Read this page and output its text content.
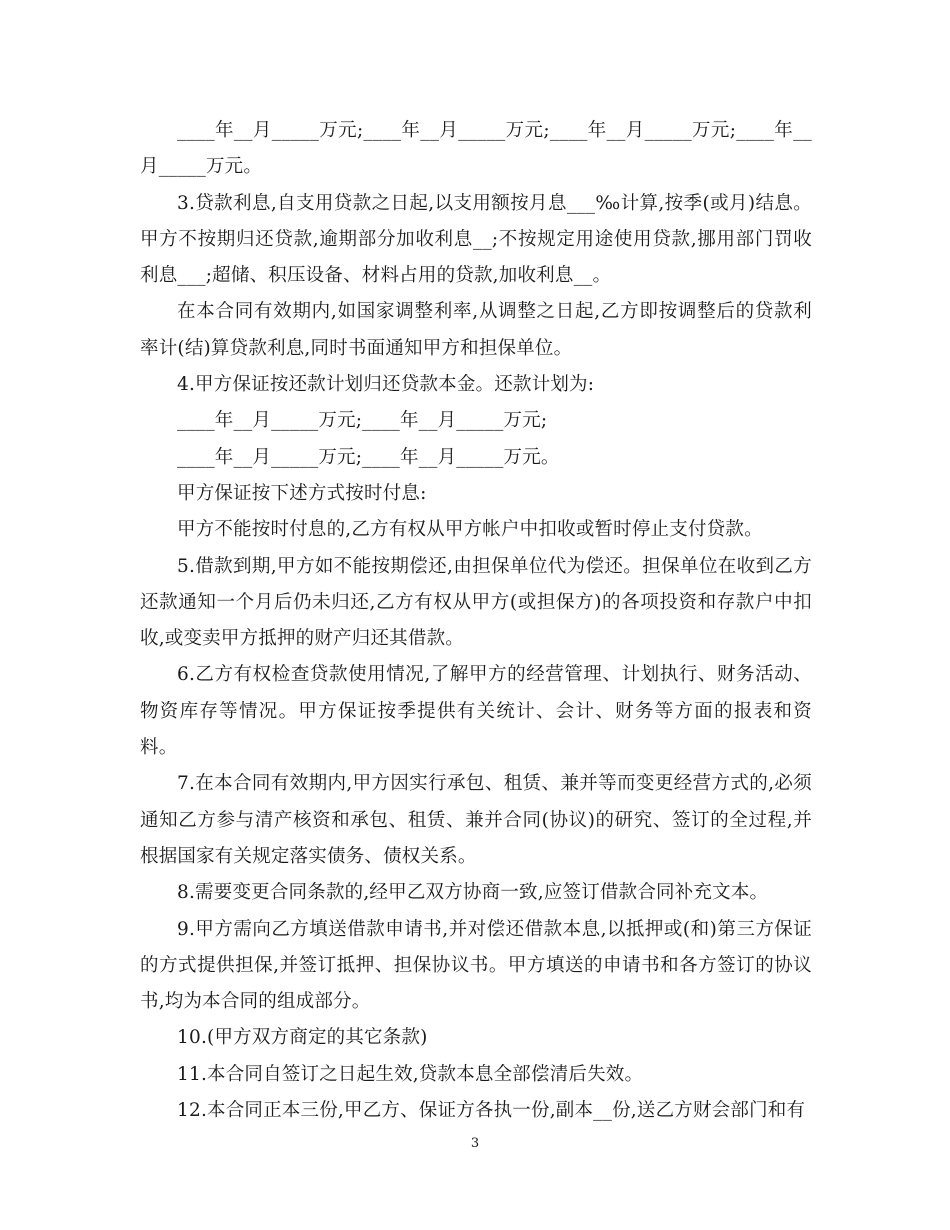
____年__月_____万元;____年__月_____万元;____年__月_____万元;____年__月_____万元。

3.贷款利息,自支用贷款之日起,以支用额按月息___‰计算,按季(或月)结息。甲方不按期归还贷款,逾期部分加收利息__;不按规定用途使用贷款,挪用部门罚收利息___;超储、积压设备、材料占用的贷款,加收利息__。

在本合同有效期内,如国家调整利率,从调整之日起,乙方即按调整后的贷款利率计(结)算贷款利息,同时书面通知甲方和担保单位。

4.甲方保证按还款计划归还贷款本金。还款计划为:

____年__月_____万元;____年__月_____万元;

____年__月_____万元;____年__月_____万元。

甲方保证按下述方式按时付息:

甲方不能按时付息的,乙方有权从甲方帐户中扣收或暂时停止支付贷款。

5.借款到期,甲方如不能按期偿还,由担保单位代为偿还。担保单位在收到乙方还款通知一个月后仍未归还,乙方有权从甲方(或担保方)的各项投资和存款户中扣收,或变卖甲方抵押的财产归还其借款。

6.乙方有权检查贷款使用情况,了解甲方的经营管理、计划执行、财务活动、物资库存等情况。甲方保证按季提供有关统计、会计、财务等方面的报表和资料。

7.在本合同有效期内,甲方因实行承包、租赁、兼并等而变更经营方式的,必须通知乙方参与清产核资和承包、租赁、兼并合同(协议)的研究、签订的全过程,并根据国家有关规定落实债务、债权关系。

8.需要变更合同条款的,经甲乙双方协商一致,应签订借款合同补充文本。

9.甲方需向乙方填送借款申请书,并对偿还借款本息,以抵押或(和)第三方保证的方式提供担保,并签订抵押、担保协议书。甲方填送的申请书和各方签订的协议书,均为本合同的组成部分。

10.(甲方双方商定的其它条款)

11.本合同自签订之日起生效,贷款本息全部偿清后失效。

12.本合同正本三份,甲乙方、保证方各执一份,副本__份,送乙方财会部门和有

3
